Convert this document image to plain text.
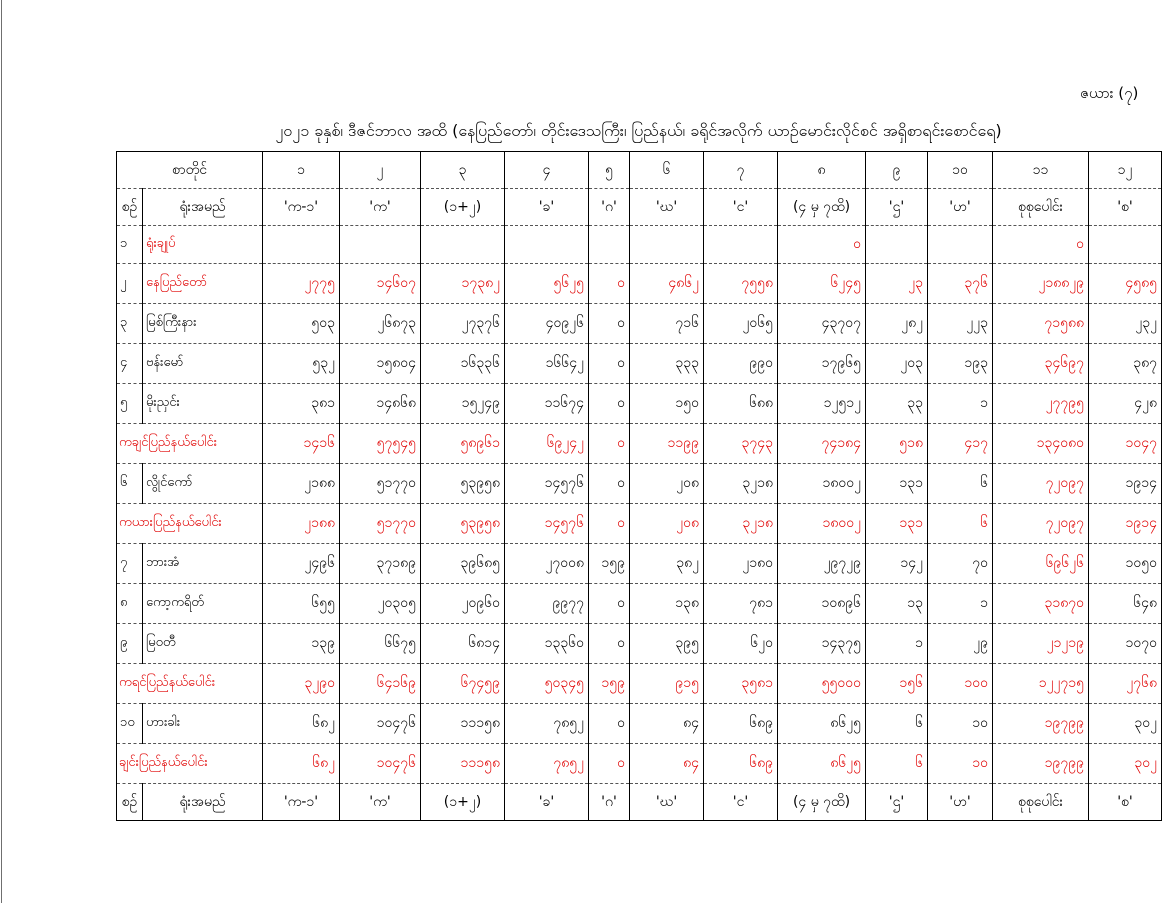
ဇယား (၇)
၂၀၂၁ ခုနှစ်၊ ဒီဇင်ဘာလ အထိ (နေပြည်တော်၊ တိုင်းဒေသကြီး၊ ပြည်နယ်၊ ခရိုင်အလိုက် ယာဉ်မောင်းလိုင်စင် အရှိစာရင်းစောင်ရေ)
စာတိုင်		၁	၂	၃	၄	၅	၆	၇	၈	၉	၁၀	၁၁	၁၂
စဉ်	ရုံးအမည်	'က-၁'	'က'	(၁+၂)	'ခ'	'ဂ'	'ဃ'	'င'	(၄ မှ ၇ထိ)	'ဌ'	'ဟ'	စုစုပေါင်း	'စ'
၁	ရုံးချုပ်								၀			၀	
၂	နေပြည်တော်	၂၇၇၅	၁၄၆၀၇	၁၇၃၈၂	၅၆၂၅	၀	၄၈၆၂	၇၅၅၈	၆၂၄၅	၂၃	၃၇၆	၂၁၈၈၂၉	၄၅၈၅
၃	မြစ်ကြီးနား	၅၀၃	၂၆၈၇၃	၂၇၃၇၆	၄၀၉၂၆	၀	၇၁၆	၂၀၆၅	၄၃၇၀၇	၂၈၂	၂၂၃	၇၁၅၈၈	၂၃၂
၄	ဗန်းမော်	၅၃၂	၁၅၈၀၄	၁၆၃၃၆	၁၆၆၄၂	၀	၃၃၃	၉၉၀	၁၇၉၆၅	၂၀၃	၁၉၃	၃၄၆၉၇	၃၈၇
၅	မိုးညှင်း	၃၈၁	၁၄၈၆၈	၁၅၂၄၉	၁၁၆၇၄	၀	၁၅၀	၆၈၈	၁၂၅၁၂	၃၃	၁	၂၇၇၉၅	၄၂၈
ကချင်ပြည်နယ်ပေါင်း		၁၄၁၆	၅၇၅၄၅	၅၈၉၆၁	၆၉၂၄၂	၀	၁၁၉၉	၃၇၄၃	၇၄၁၈၄	၅၁၈	၄၁၇	၁၃၄၀၈၀	၁၀၄၇
၆	လွိုင်ကော်	၂၁၈၈	၅၁၇၇၀	၅၃၉၅၈	၁၄၅၇၆	၀	၂၀၈	၃၂၁၈	၁၈၀၀၂	၁၃၁	၆	၇၂၀၉၇	၁၉၁၄
ကယားပြည်နယ်ပေါင်း		၂၁၈၈	၅၁၇၇၀	၅၃၉၅၈	၁၄၅၇၆	၀	၂၀၈	၃၂၁၈	၁၈၀၀၂	၁၃၁	၆	၇၂၀၉၇	၁၉၁၄
၇	ဘားအံ	၂၄၉၆	၃၇၁၈၉	၃၉၆၈၅	၂၇၀၀၈	၁၅၉	၃၈၂	၂၁၈၀	၂၉၇၂၉	၁၄၂	၇၀	၆၉၆၂၆	၁၀၅၀
၈	ကော့ကရိတ်	၆၅၅	၂၀၃၀၅	၂၀၉၆၀	၉၉၇၇	၀	၁၃၈	၇၈၁	၁၀၈၉၆	၁၃	၁	၃၁၈၇၀	၆၄၈
၉	မြဝတီ	၁၃၉	၆၆၇၅	၆၈၁၄	၁၃၃၆၀	၀	၃၉၅	၆၂၀	၁၄၃၇၅	၁	၂၉	၂၁၂၁၉	၁၀၇၀
ကရင်ပြည်နယ်ပေါင်း		၃၂၉၀	၆၄၁၆၉	၆၇၄၅၉	၅၀၃၄၅	၁၅၉	၉၁၅	၃၅၈၁	၅၅၀၀၀	၁၅၆	၁၀၀	၁၂၂၇၁၅	၂၇၆၈
၁၀	ဟားခါး	၆၈၂	၁၀၄၇၆	၁၁၁၅၈	၇၈၅၂	၀	၈၄	၆၈၉	၈၆၂၅	၆	၁၀	၁၉၇၉၉	၃၀၂
ချင်းပြည်နယ်ပေါင်း		၆၈၂	၁၀၄၇၆	၁၁၁၅၈	၇၈၅၂	၀	၈၄	၆၈၉	၈၆၂၅	၆	၁၀	၁၉၇၉၉	၃၀၂
စဉ်	ရုံးအမည်	'က-၁'	'က'	(၁+၂)	'ခ'	'ဂ'	'ဃ'	'င'	(၄ မှ ၇ထိ)	'ဌ'	'ဟ'	စုစုပေါင်း	'စ'
